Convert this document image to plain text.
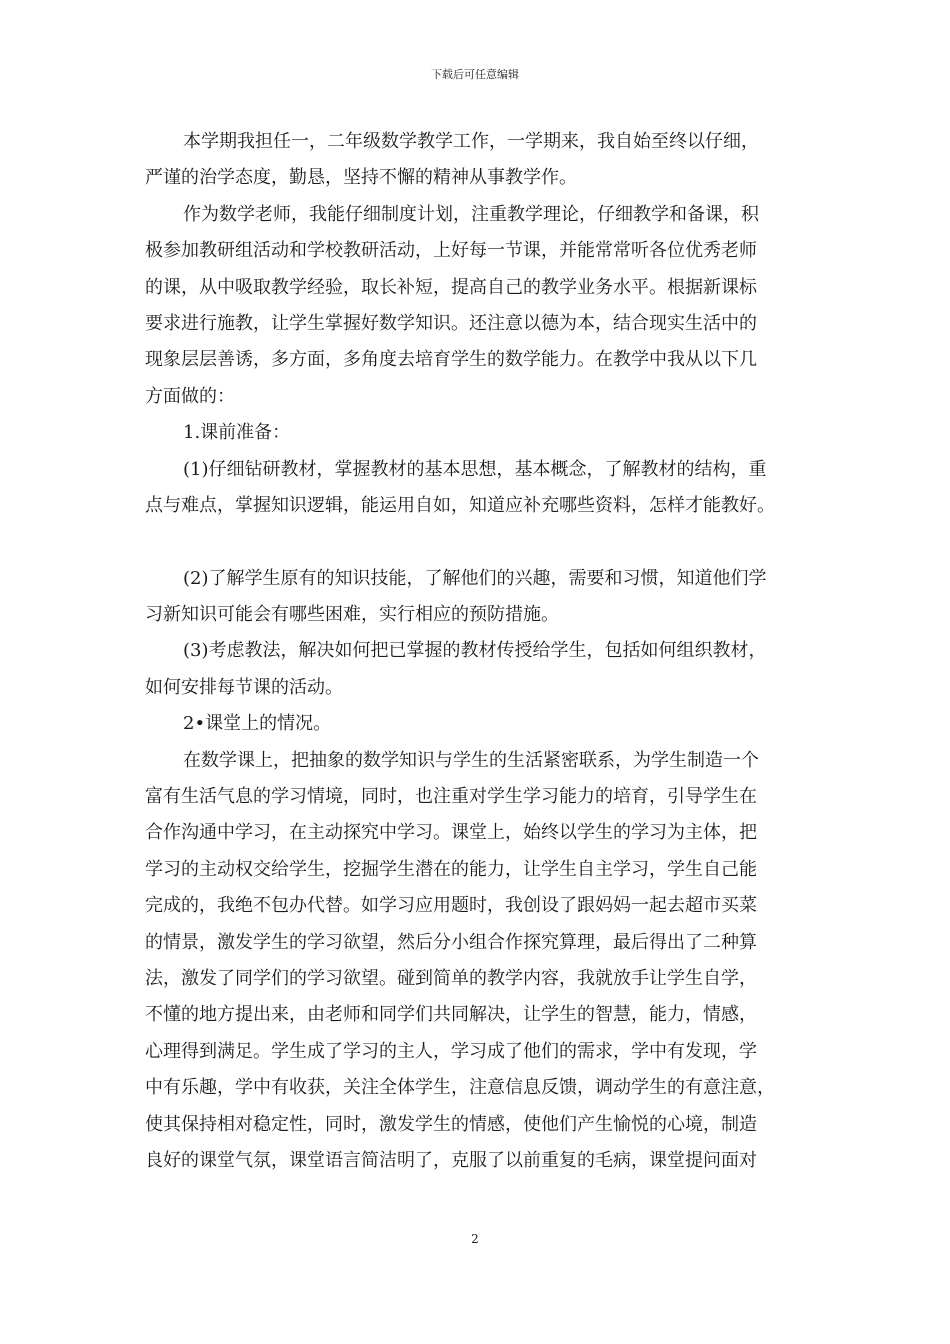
下载后可任意编辑
本学期我担任一，二年级数学教学工作，一学期来，我自始至终以仔细，
严谨的治学态度，勤恳，坚持不懈的精神从事教学作。
作为数学老师，我能仔细制度计划，注重教学理论，仔细教学和备课，积
极参加教研组活动和学校教研活动，上好每一节课，并能常常听各位优秀老师
的课，从中吸取教学经验，取长补短，提高自己的教学业务水平。根据新课标
要求进行施教，让学生掌握好数学知识。还注意以德为本，结合现实生活中的
现象层层善诱，多方面，多角度去培育学生的数学能力。在教学中我从以下几
方面做的：
1.课前准备：
(1)仔细钻研教材，掌握教材的基本思想，基本概念，了解教材的结构，重
点与难点，掌握知识逻辑，能运用自如，知道应补充哪些资料，怎样才能教好。
(2)了解学生原有的知识技能，了解他们的兴趣，需要和习惯，知道他们学
习新知识可能会有哪些困难，实行相应的预防措施。
(3)考虑教法，解决如何把已掌握的教材传授给学生，包括如何组织教材，
如何安排每节课的活动。
2•课堂上的情况。
在数学课上，把抽象的数学知识与学生的生活紧密联系，为学生制造一个
富有生活气息的学习情境，同时，也注重对学生学习能力的培育，引导学生在
合作沟通中学习，在主动探究中学习。课堂上，始终以学生的学习为主体，把
学习的主动权交给学生，挖掘学生潜在的能力，让学生自主学习，学生自己能
完成的，我绝不包办代替。如学习应用题时，我创设了跟妈妈一起去超市买菜
的情景，激发学生的学习欲望，然后分小组合作探究算理，最后得出了二种算
法，激发了同学们的学习欲望。碰到简单的教学内容，我就放手让学生自学，
不懂的地方提出来，由老师和同学们共同解决，让学生的智慧，能力，情感，
心理得到满足。学生成了学习的主人，学习成了他们的需求，学中有发现，学
中有乐趣，学中有收获，关注全体学生，注意信息反馈，调动学生的有意注意，
使其保持相对稳定性，同时，激发学生的情感，使他们产生愉悦的心境，制造
良好的课堂气氛，课堂语言简洁明了，克服了以前重复的毛病，课堂提问面对
2
